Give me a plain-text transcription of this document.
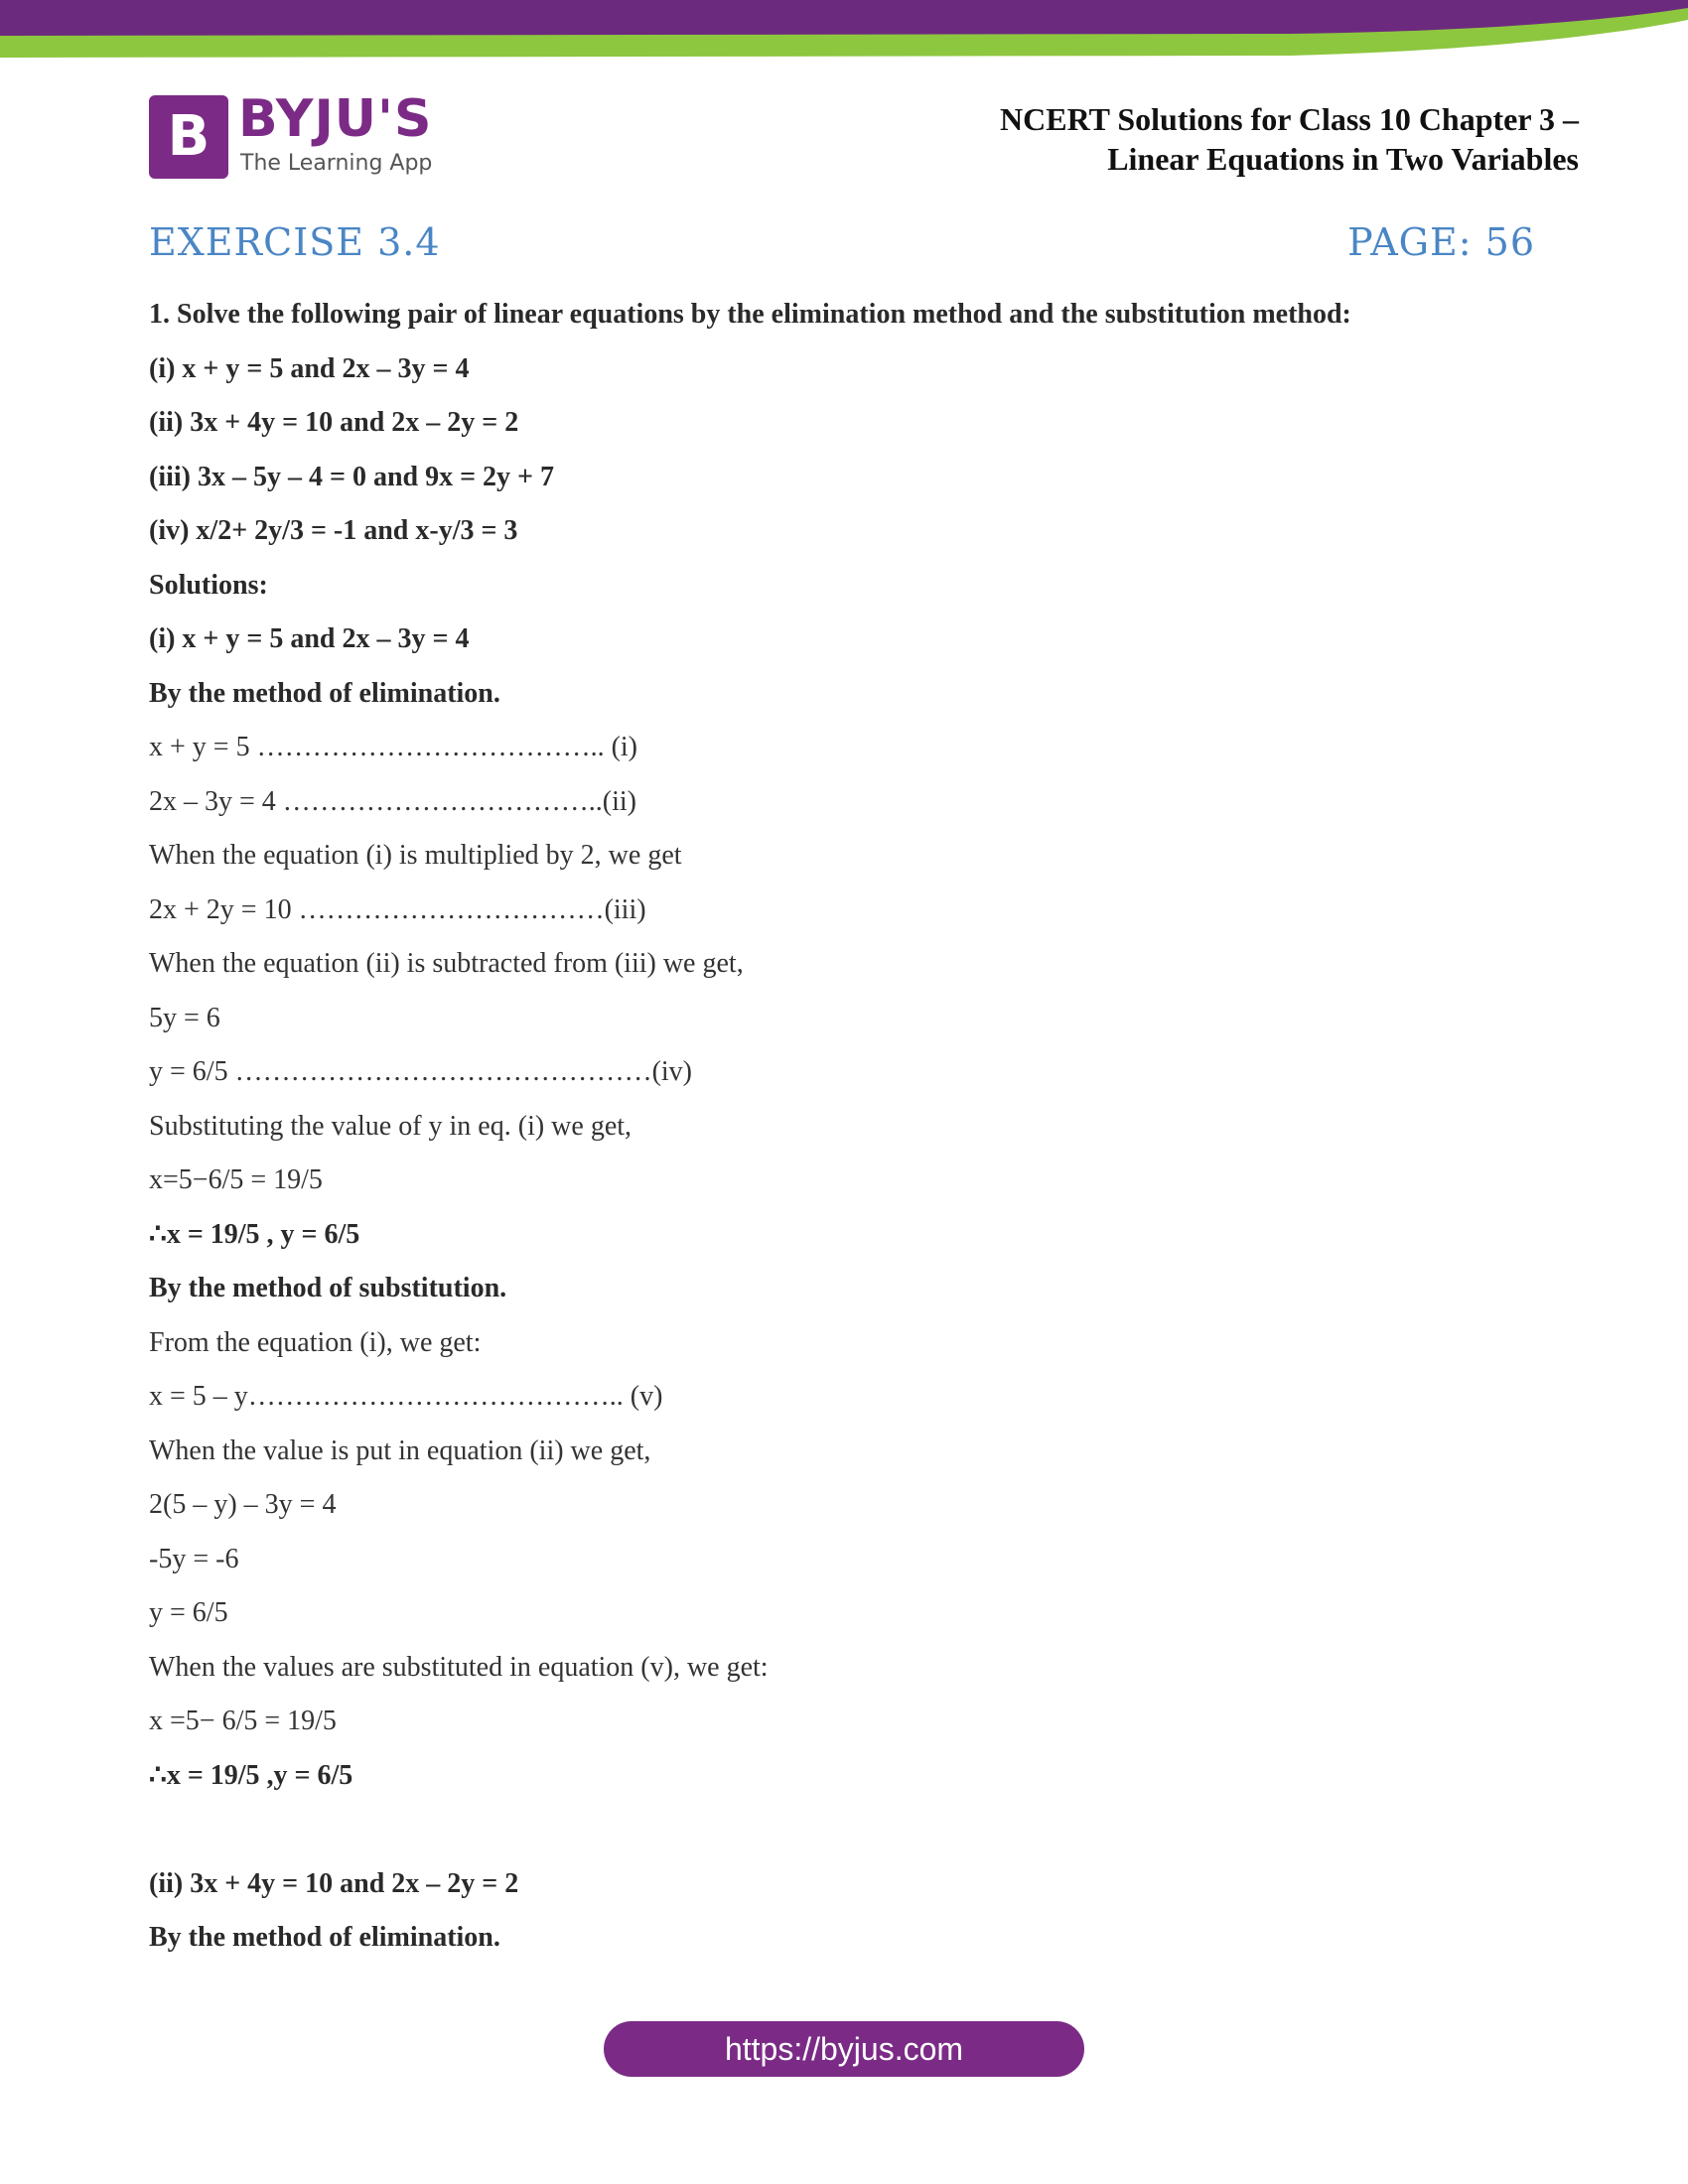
B BYJU'S
The Learning App
NCERT Solutions for Class 10 Chapter 3 –
Linear Equations in Two Variables
EXERCISE 3.4	PAGE: 56
1. Solve the following pair of linear equations by the elimination method and the substitution method:
(i) x + y = 5 and 2x – 3y = 4
(ii) 3x + 4y = 10 and 2x – 2y = 2
(iii) 3x – 5y – 4 = 0 and 9x = 2y + 7
(iv) x/2+ 2y/3 = -1 and x-y/3 = 3
Solutions:
(i) x + y = 5 and 2x – 3y = 4
By the method of elimination.
x + y = 5 ……………………………….. (i)
2x – 3y = 4 ……………………………..(ii)
When the equation (i) is multiplied by 2, we get
2x + 2y = 10 ……………………………(iii)
When the equation (ii) is subtracted from (iii) we get,
5y = 6
y = 6/5 ………………………………………(iv)
Substituting the value of y in eq. (i) we get,
x=5−6/5 = 19/5
∴x = 19/5 , y = 6/5
By the method of substitution.
From the equation (i), we get:
x = 5 – y………………………………….. (v)
When the value is put in equation (ii) we get,
2(5 – y) – 3y = 4
-5y = -6
y = 6/5
When the values are substituted in equation (v), we get:
x =5− 6/5 = 19/5
∴x = 19/5 ,y = 6/5
(ii) 3x + 4y = 10 and 2x – 2y = 2
By the method of elimination.
https://byjus.com
